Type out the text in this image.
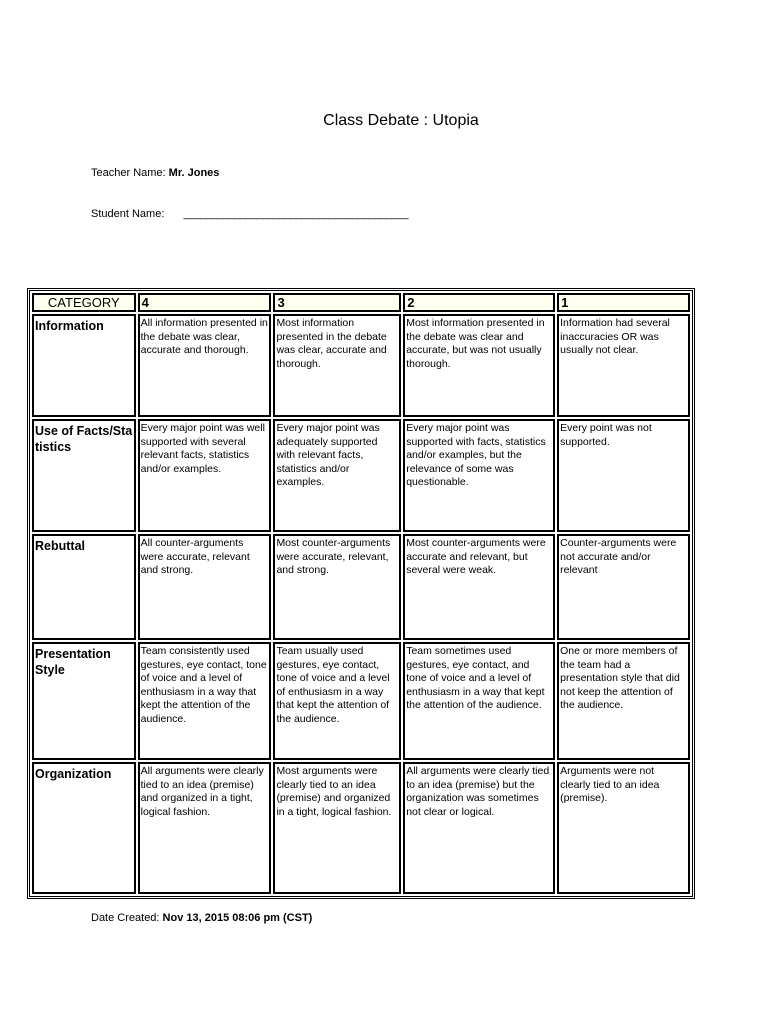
Class Debate : Utopia
Teacher Name: Mr. Jones
Student Name: ________________________________________
CATEGORY	4	3	2	1
Information	All information presented in the debate was clear, accurate and thorough.	Most information presented in the debate was clear, accurate and thorough.	Most information presented in the debate was clear and accurate, but was not usually thorough.	Information had several inaccuracies OR was usually not clear.
Use of Facts/Statistics	Every major point was well supported with several relevant facts, statistics and/or examples.	Every major point was adequately supported with relevant facts, statistics and/or examples.	Every major point was supported with facts, statistics and/or examples, but the relevance of some was questionable.	Every point was not supported.
Rebuttal	All counter-arguments were accurate, relevant and strong.	Most counter-arguments were accurate, relevant, and strong.	Most counter-arguments were accurate and relevant, but several were weak.	Counter-arguments were not accurate and/or relevant
Presentation Style	Team consistently used gestures, eye contact, tone of voice and a level of enthusiasm in a way that kept the attention of the audience.	Team usually used gestures, eye contact, tone of voice and a level of enthusiasm in a way that kept the attention of the audience.	Team sometimes used gestures, eye contact, and tone of voice and a level of enthusiasm in a way that kept the attention of the audience.	One or more members of the team had a presentation style that did not keep the attention of the audience.
Organization	All arguments were clearly tied to an idea (premise) and organized in a tight, logical fashion.	Most arguments were clearly tied to an idea (premise) and organized in a tight, logical fashion.	All arguments were clearly tied to an idea (premise) but the organization was sometimes not clear or logical.	Arguments were not clearly tied to an idea (premise).
Date Created: Nov 13, 2015 08:06 pm (CST)
